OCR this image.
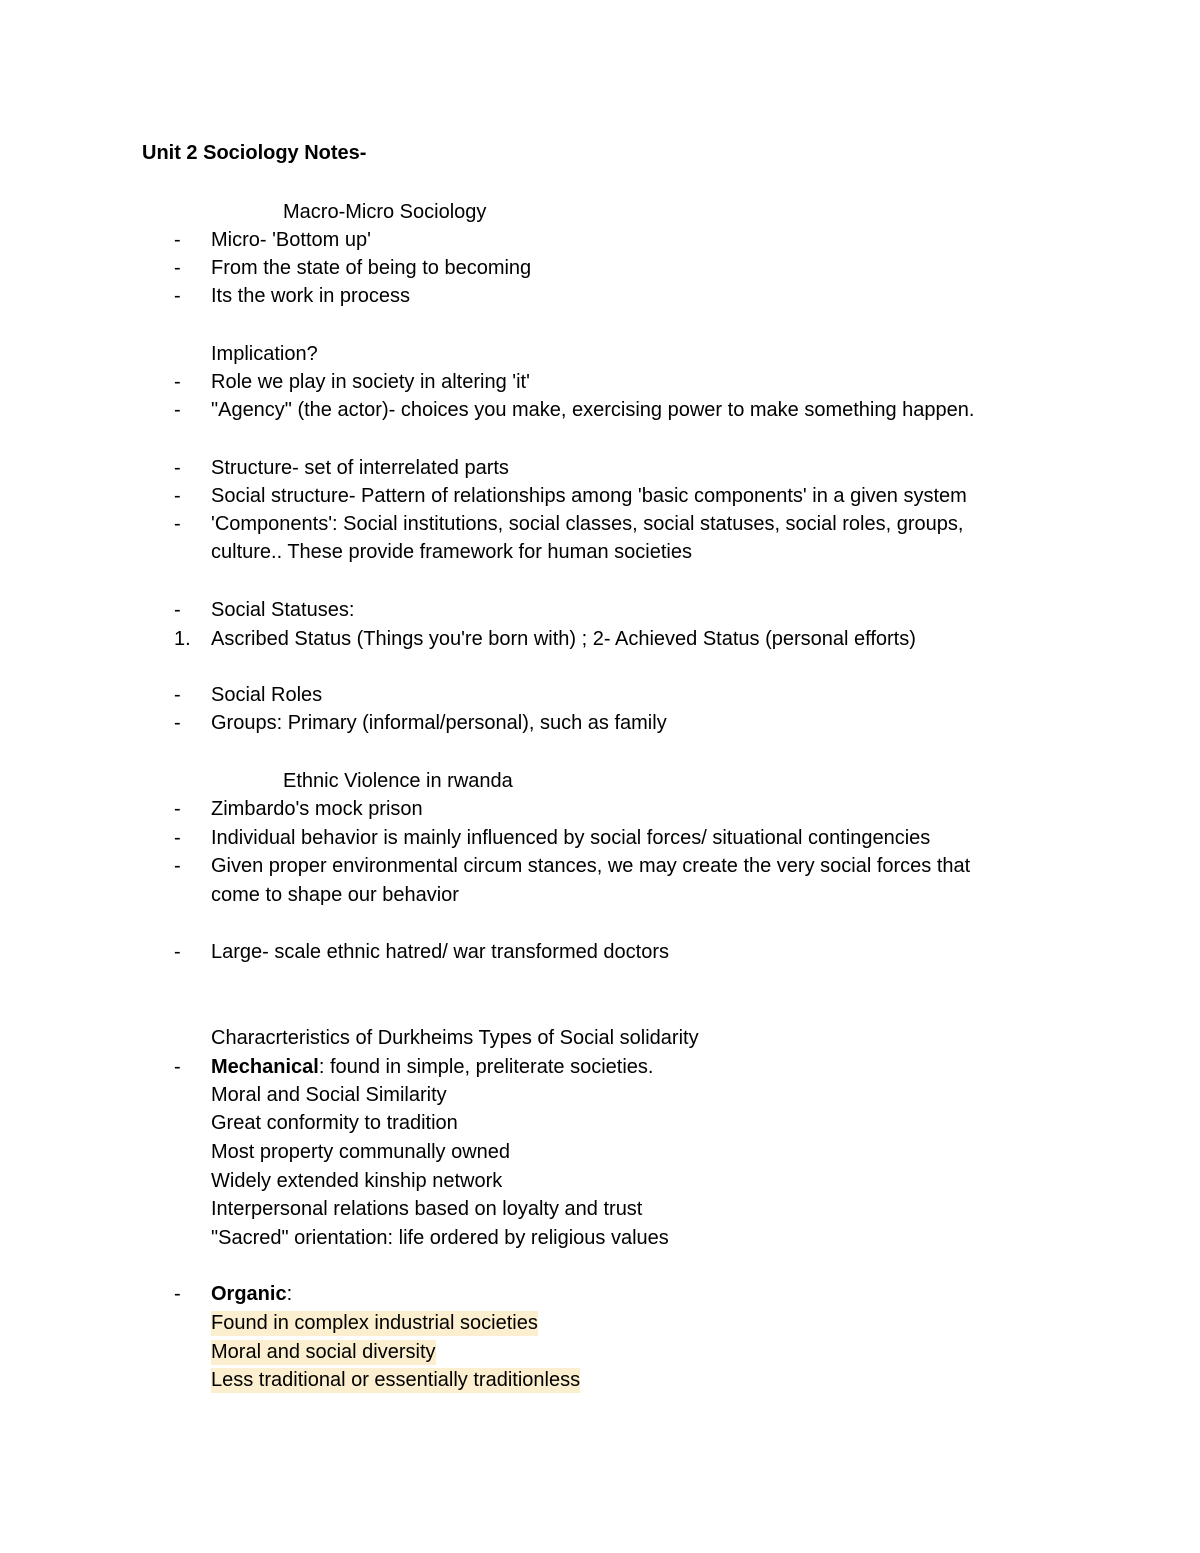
Unit 2 Sociology Notes-
Macro-Micro Sociology
-	Micro- 'Bottom up'
-	From the state of being to becoming
-	Its the work in process
Implication?
-	Role we play in society in altering 'it'
-	"Agency" (the actor)- choices you make, exercising power to make something happen.
-	Structure- set of interrelated parts
-	Social structure- Pattern of relationships among 'basic components' in a given system
-	'Components': Social institutions, social classes, social statuses, social roles, groups,
culture.. These provide framework for human societies
-	Social Statuses:
1.	Ascribed Status (Things you're born with) ; 2- Achieved Status (personal efforts)
-	Social Roles
-	Groups: Primary (informal/personal), such as family
Ethnic Violence in rwanda
-	Zimbardo's mock prison
-	Individual behavior is mainly influenced by social forces/ situational contingencies
-	Given proper environmental circum stances, we may create the very social forces that
come to shape our behavior
-	Large- scale ethnic hatred/ war transformed doctors
Characrteristics of Durkheims Types of Social solidarity
-	Mechanical: found in simple, preliterate societies.
Moral and Social Similarity
Great conformity to tradition
Most property communally owned
Widely extended kinship network
Interpersonal relations based on loyalty and trust
"Sacred" orientation: life ordered by religious values
-	Organic:
Found in complex industrial societies
Moral and social diversity
Less traditional or essentially traditionless
